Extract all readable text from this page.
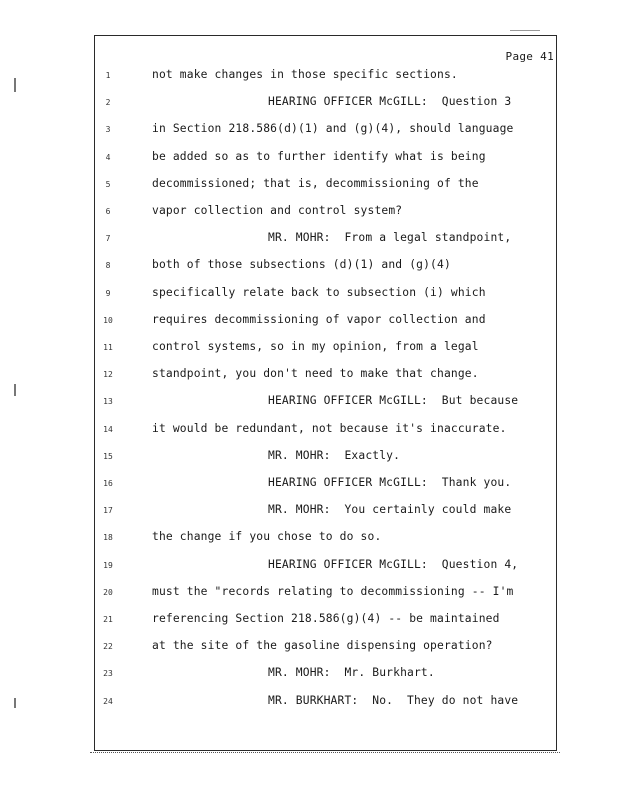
Page 41
1	not make changes in those specific sections.
2	HEARING OFFICER McGILL:  Question 3
3	in Section 218.586(d)(1) and (g)(4), should language
4	be added so as to further identify what is being
5	decommissioned; that is, decommissioning of the
6	vapor collection and control system?
7	MR. MOHR:  From a legal standpoint,
8	both of those subsections (d)(1) and (g)(4)
9	specifically relate back to subsection (i) which
10	requires decommissioning of vapor collection and
11	control systems, so in my opinion, from a legal
12	standpoint, you don't need to make that change.
13	HEARING OFFICER McGILL:  But because
14	it would be redundant, not because it's inaccurate.
15	MR. MOHR:  Exactly.
16	HEARING OFFICER McGILL:  Thank you.
17	MR. MOHR:  You certainly could make
18	the change if you chose to do so.
19	HEARING OFFICER McGILL:  Question 4,
20	must the "records relating to decommissioning -- I'm
21	referencing Section 218.586(g)(4) -- be maintained
22	at the site of the gasoline dispensing operation?
23	MR. MOHR:  Mr. Burkhart.
24	MR. BURKHART:  No.  They do not have
